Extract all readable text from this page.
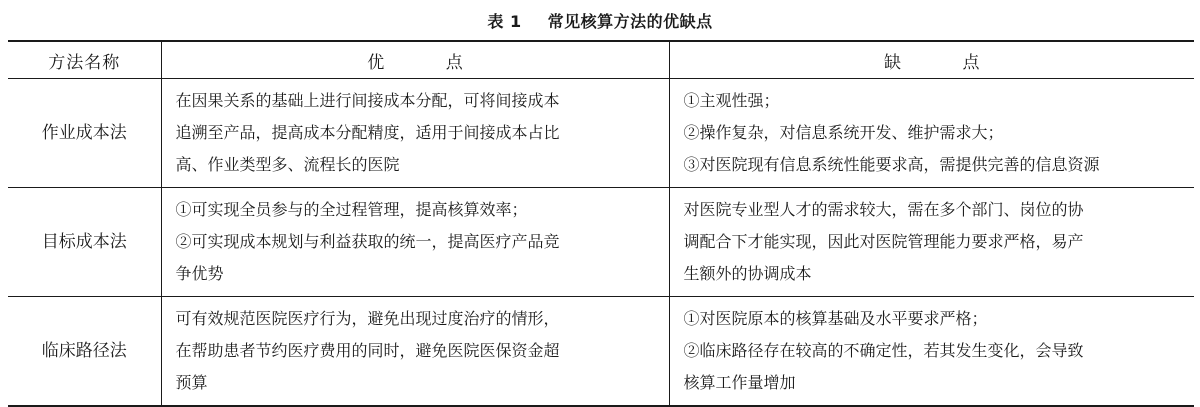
表 1 常见核算方法的优缺点
方法名称	优 点	缺 点
作业成本法	在因果关系的基础上进行间接成本分配，可将间接成本
追溯至产品，提高成本分配精度，适用于间接成本占比
高、作业类型多、流程长的医院	①主观性强；
②操作复杂，对信息系统开发、维护需求大；
③对医院现有信息系统性能要求高，需提供完善的信息资源

目标成本法	①可实现全员参与的全过程管理，提高核算效率；
②可实现成本规划与利益获取的统一，提高医疗产品竞
争优势	对医院专业型人才的需求较大，需在多个部门、岗位的协
调配合下才能实现，因此对医院管理能力要求严格，易产
生额外的协调成本

临床路径法	可有效规范医院医疗行为，避免出现过度治疗的情形，
在帮助患者节约医疗费用的同时，避免医院医保资金超
预算	①对医院原本的核算基础及水平要求严格；
②临床路径存在较高的不确定性，若其发生变化，会导致
核算工作量增加
